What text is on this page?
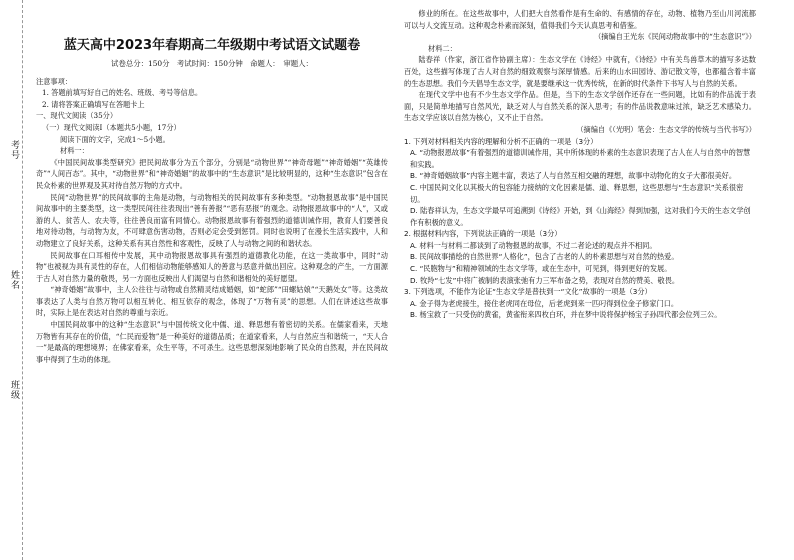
考号
姓名
班级
蓝天高中2023年春期高二年级期中考试语文试题卷
试卷总分：150分　考试时间：150分钟　命题人：　审题人：

注意事项：

1. 答题前填写好自己的姓名、班级、考号等信息。

2. 请将答案正确填写在答题卡上

一、现代文阅读（35分）

（一）现代文阅读Ⅰ（本题共5小题，17分）

阅读下面的文字，完成1～5小题。

材料一：

《中国民间故事类型研究》把民间故事分为五个部分，分别是“动物世界”“神奇母题”“神奇婚姻”“英雄传奇”“人间百态”。其中，“动物世界”和“神奇婚姻”的故事中的“生态意识”是比较明显的，这种“生态意识”包含在民众朴素的世界观及其对待自然万物的方式中。

民间“动物世界”的民间故事的主角是动物，与动物相关的民间故事有多种类型。“动物报恩故事”是中国民间故事中的主要类型，这一类型民间往往表现出“善有善报”“恶有恶报”的观念。动物报恩故事中的“人”，又或游的人、贫苦人、农夫等，往往善良而富有同情心。动物报恩故事有着强烈的道德训诫作用，教育人们要善良地对待动物，与动物为友，不可肆意伤害动物，否则必定会受到惩罚。同时也说明了在漫长生活实践中，人和动物建立了良好关系，这种关系有其自然性和客观性，反映了人与动物之间的和谐状态。

民间故事在口耳相传中发展，其中动物报恩故事具有强烈的道德教化功能，在这一类故事中，同时“动物”也被视为具有灵性的存在，人们相信动物能够感知人的善意与恶意并做出回应。这种观念的产生，一方面源于古人对自然力量的敬畏，另一方面也反映出人们渴望与自然和谐相处的美好愿望。

“神奇婚姻”故事中，主人公往往与动物或自然精灵结成婚姻，如“蛇郎”“田螺姑娘”“天鹅处女”等。这类故事表达了人类与自然万物可以相互转化、相互依存的观念，体现了“万物有灵”的思想。人们在讲述这些故事时，实际上是在表达对自然的尊重与亲近。

中国民间故事中的这种“生态意识”与中国传统文化中儒、道、释思想有着密切的关系。在儒家看来，天地万物皆有其存在的价值，“仁民而爱物”是一种美好的道德品质；在道家看来，人与自然应当和谐统一，“天人合一”是最高的理想境界；在佛家看来，众生平等，不可杀生。这些思想深刻地影响了民众的自然观，并在民间故事中得到了生动的体现。

修业的所在。在这些故事中，人们把大自然看作是有生命的、有感情的存在，动物、植物乃至山川河流都可以与人交流互动。这种观念朴素而深刻，值得我们今天认真思考和借鉴。

（摘编自王光东《民间动物故事中的“生态意识”》）

材料二：

陆春祥（作家，浙江省作协副主席）：生态文学在《诗经》中就有，《诗经》中有关鸟兽草木的描写多达数百处，这些描写体现了古人对自然的细致观察与深厚情感。后来的山水田园诗、游记散文等，也都蕴含着丰富的生态思想。我们今天倡导生态文学，就是要继承这一优秀传统，在新的时代条件下书写人与自然的关系。

在现代文学中也有不少生态文学作品。但是，当下的生态文学创作还存在一些问题，比如有的作品流于表面，只是简单地描写自然风光，缺乏对人与自然关系的深入思考；有的作品说教意味过浓，缺乏艺术感染力。生态文学应该以自然为核心，又不止于自然。

（摘编自《（光明）笔会：生态文学的传统与当代书写》）

1. 下列对材料相关内容的理解和分析不正确的一项是（3分）

A. “动物报恩故事”有着强烈的道德训诫作用，其中所体现的朴素的生态意识表现了古人在人与自然中的智慧和实践。

B. “神奇婚姻故事”内容主题丰富，表达了人与自然互相交融的理想，故事中动物化的女子大都很美好。

C. 中国民间文化以其极大的包容能力接纳的文化因素是儒、道、释思想，这些思想与“生态意识”关系很密切。

D. 陆春祥认为，生态文学最早可追溯到《诗经》开始，到《山海经》得到加强，这对我们今天的生态文学创作有积极的意义。

2. 根据材料内容，下列说法正确的一项是（3分）

A. 材料一与材料二都谈到了动物报恩的故事，不过二者论述的观点并不相同。

B. 民间故事描绘的自然世界“人格化”，包含了古老的人的朴素思想与对自然的热爱。

C. “民胞物与”和精神领域的生态文学等，或在生态中，可见到，得到更好的发展。

D. 牧羚“七发”中将广被制的表演张弛有力三军布备之势，表现对自然的赞美、敬畏。

3. 下列选项，不能作为论证“生态文学是普扶到一“文化”故事的一项是（3分）

A. 金子得为老虎接生，接住老虎同在母位，后老虎到来一匹叼得到位金子修家门口。

B. 杨宝救了一只受伤的黄雀，黄雀衔来四枚白环，并在梦中说将保护杨宝子孙四代都会位列三公。
